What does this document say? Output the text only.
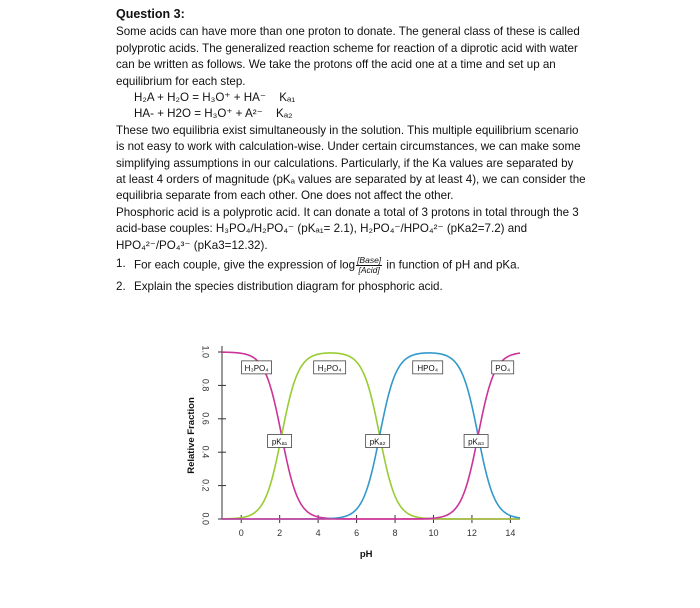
Question 3:

Some acids can have more than one proton to donate. The general class of these is called polyprotic acids. The generalized reaction scheme for reaction of a diprotic acid with water can be written as follows. We take the protons off the acid one at a time and set up an equilibrium for each step.

H₂A + H₂O = H₃O⁺ + HA⁻ Kₐ₁
HA- + H2O = H₃O⁺ + A²⁻ Kₐ₂

These two equilibria exist simultaneously in the solution. This multiple equilibrium scenario is not easy to work with calculation-wise. Under certain circumstances, we can make some simplifying assumptions in our calculations. Particularly, if the Ka values are separated by at least 4 orders of magnitude (pKₐ values are separated by at least 4), we can consider the equilibria separate from each other. One does not affect the other.

Phosphoric acid is a polyprotic acid. It can donate a total of 3 protons in total through the 3 acid-base couples: H₃PO₄/H₂PO₄⁻ (pKₐ₁= 2.1), H₂PO₄⁻/HPO₄²⁻ (pKa2=7.2) and HPO₄²⁻/PO₄³⁻ (pKa3=12.32).

1. For each couple, give the expression of $\log \frac{\text{[Base]}}{\text{[Acid]}}$ in function of pH and pKa.
2. Explain the species distribution diagram for phosphoric acid.
0.0
0.2
0.4
0.6
0.8
1.0
0	2	4	6	8	10	12	14
pH
Relative Fraction
H₃PO₄	H₂PO₄	HPO₄	PO₄
pKₐ₁	pKₐ₂	pKₐ₃
